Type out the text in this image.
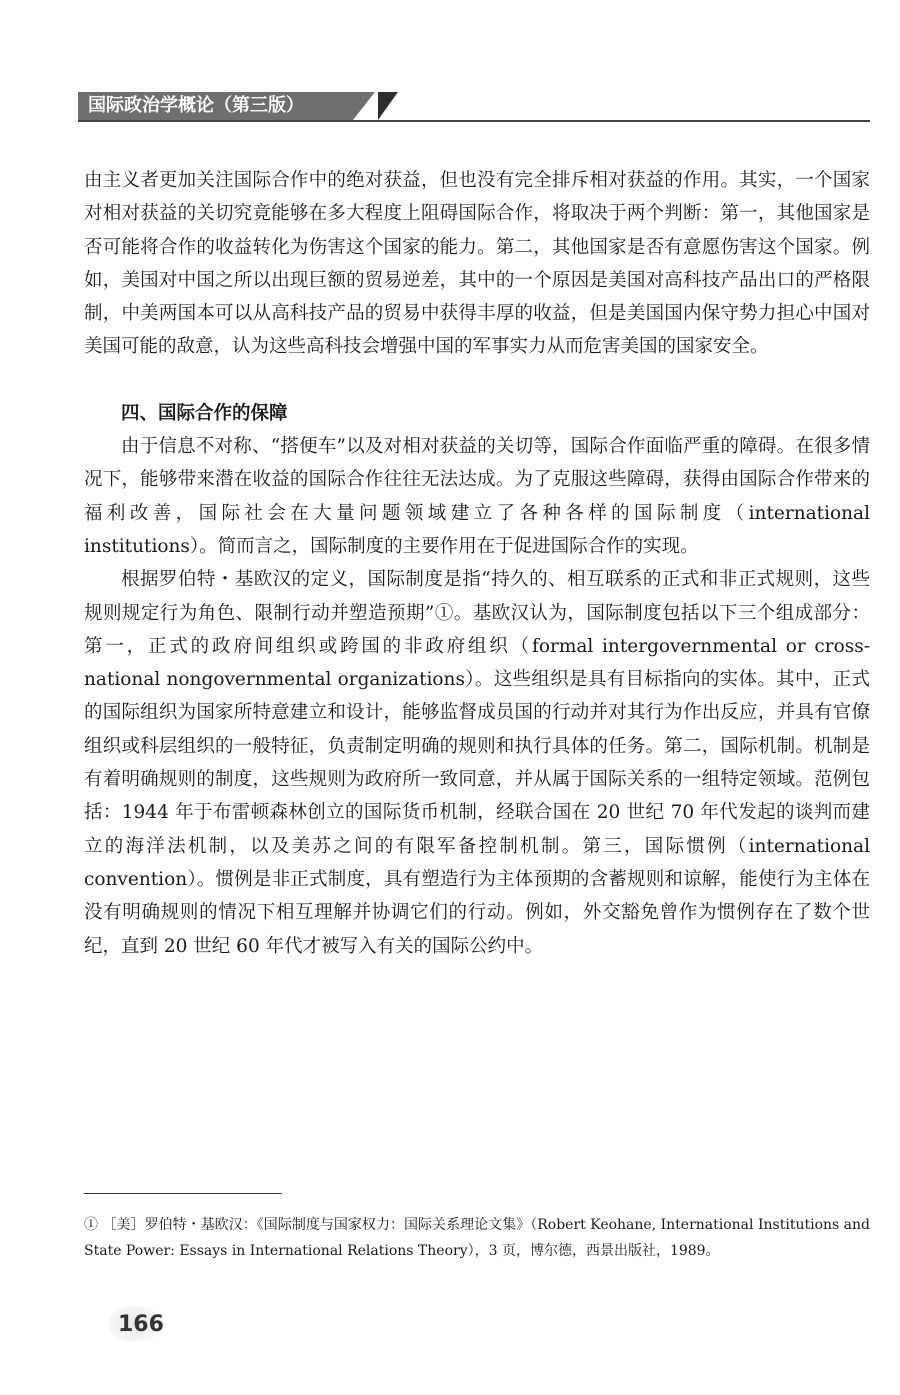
国际政治学概论（第三版）

由主义者更加关注国际合作中的绝对获益，但也没有完全排斥相对获益的作用。其实，一个国家对相对获益的关切究竟能够在多大程度上阻碍国际合作，将取决于两个判断：第一，其他国家是否可能将合作的收益转化为伤害这个国家的能力。第二，其他国家是否有意愿伤害这个国家。例如，美国对中国之所以出现巨额的贸易逆差，其中的一个原因是美国对高科技产品出口的严格限制，中美两国本可以从高科技产品的贸易中获得丰厚的收益，但是美国国内保守势力担心中国对美国可能的敌意，认为这些高科技会增强中国的军事实力从而危害美国的国家安全。

四、国际合作的保障

由于信息不对称、“搭便车”以及对相对获益的关切等，国际合作面临严重的障碍。在很多情况下，能够带来潜在收益的国际合作往往无法达成。为了克服这些障碍，获得由国际合作带来的福利改善，国际社会在大量问题领域建立了各种各样的国际制度（international institutions）。简而言之，国际制度的主要作用在于促进国际合作的实现。

根据罗伯特・基欧汉的定义，国际制度是指“持久的、相互联系的正式和非正式规则，这些规则规定行为角色、限制行动并塑造预期”①。基欧汉认为，国际制度包括以下三个组成部分：第一，正式的政府间组织或跨国的非政府组织（formal intergovernmental or cross-national nongovernmental organizations）。这些组织是具有目标指向的实体。其中，正式的国际组织为国家所特意建立和设计，能够监督成员国的行动并对其行为作出反应，并具有官僚组织或科层组织的一般特征，负责制定明确的规则和执行具体的任务。第二，国际机制。机制是有着明确规则的制度，这些规则为政府所一致同意，并从属于国际关系的一组特定领域。范例包括：1944 年于布雷顿森林创立的国际货币机制，经联合国在 20 世纪 70 年代发起的谈判而建立的海洋法机制，以及美苏之间的有限军备控制机制。第三，国际惯例（international convention）。惯例是非正式制度，具有塑造行为主体预期的含蓄规则和谅解，能使行为主体在没有明确规则的情况下相互理解并协调它们的行动。例如，外交豁免曾作为惯例存在了数个世纪，直到 20 世纪 60 年代才被写入有关的国际公约中。

① ［美］罗伯特・基欧汉：《国际制度与国家权力：国际关系理论文集》（Robert Keohane, International Institutions and State Power: Essays in International Relations Theory），3 页，博尔德，西景出版社，1989。
166
